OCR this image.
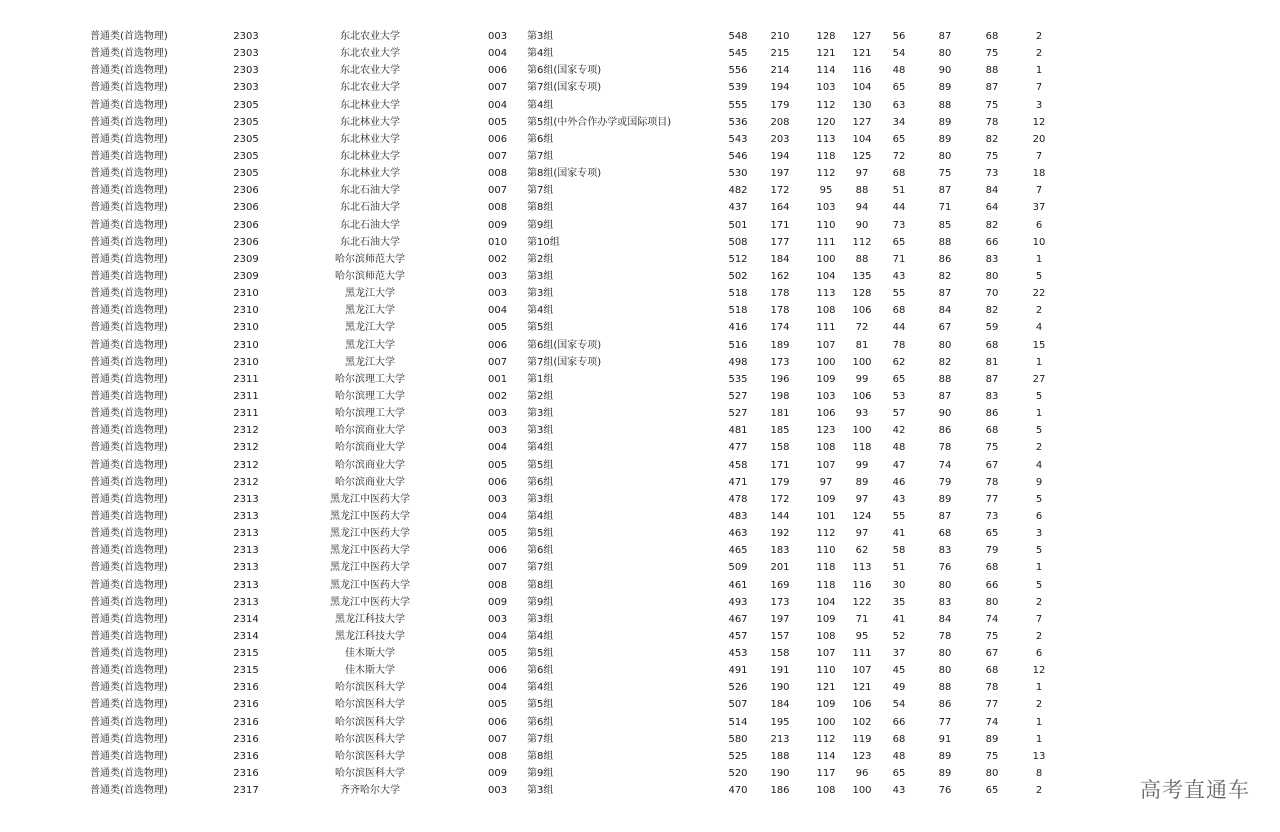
普通类(首选物理)	2303	东北农业大学	003 第3组	548	210	128	127	56	87	68	2
普通类(首选物理)	2303	东北农业大学	004 第4组	545	215	121	121	54	80	75	2
普通类(首选物理)	2303	东北农业大学	006 第6组(国家专项)	556	214	114	116	48	90	88	1
普通类(首选物理)	2303	东北农业大学	007 第7组(国家专项)	539	194	103	104	65	89	87	7
普通类(首选物理)	2305	东北林业大学	004 第4组	555	179	112	130	63	88	75	3
普通类(首选物理)	2305	东北林业大学	005 第5组(中外合作办学或国际项目)	536	208	120	127	34	89	78	12
普通类(首选物理)	2305	东北林业大学	006 第6组	543	203	113	104	65	89	82	20
普通类(首选物理)	2305	东北林业大学	007 第7组	546	194	118	125	72	80	75	7
普通类(首选物理)	2305	东北林业大学	008 第8组(国家专项)	530	197	112	97	68	75	73	18
普通类(首选物理)	2306	东北石油大学	007 第7组	482	172	95	88	51	87	84	7
普通类(首选物理)	2306	东北石油大学	008 第8组	437	164	103	94	44	71	64	37
普通类(首选物理)	2306	东北石油大学	009 第9组	501	171	110	90	73	85	82	6
普通类(首选物理)	2306	东北石油大学	010 第10组	508	177	111	112	65	88	66	10
普通类(首选物理)	2309	哈尔滨师范大学	002 第2组	512	184	100	88	71	86	83	1
普通类(首选物理)	2309	哈尔滨师范大学	003 第3组	502	162	104	135	43	82	80	5
普通类(首选物理)	2310	黑龙江大学	003 第3组	518	178	113	128	55	87	70	22
普通类(首选物理)	2310	黑龙江大学	004 第4组	518	178	108	106	68	84	82	2
普通类(首选物理)	2310	黑龙江大学	005 第5组	416	174	111	72	44	67	59	4
普通类(首选物理)	2310	黑龙江大学	006 第6组(国家专项)	516	189	107	81	78	80	68	15
普通类(首选物理)	2310	黑龙江大学	007 第7组(国家专项)	498	173	100	100	62	82	81	1
普通类(首选物理)	2311	哈尔滨理工大学	001 第1组	535	196	109	99	65	88	87	27
普通类(首选物理)	2311	哈尔滨理工大学	002 第2组	527	198	103	106	53	87	83	5
普通类(首选物理)	2311	哈尔滨理工大学	003 第3组	527	181	106	93	57	90	86	1
普通类(首选物理)	2312	哈尔滨商业大学	003 第3组	481	185	123	100	42	86	68	5
普通类(首选物理)	2312	哈尔滨商业大学	004 第4组	477	158	108	118	48	78	75	2
普通类(首选物理)	2312	哈尔滨商业大学	005 第5组	458	171	107	99	47	74	67	4
普通类(首选物理)	2312	哈尔滨商业大学	006 第6组	471	179	97	89	46	79	78	9
普通类(首选物理)	2313	黑龙江中医药大学	003 第3组	478	172	109	97	43	89	77	5
普通类(首选物理)	2313	黑龙江中医药大学	004 第4组	483	144	101	124	55	87	73	6
普通类(首选物理)	2313	黑龙江中医药大学	005 第5组	463	192	112	97	41	68	65	3
普通类(首选物理)	2313	黑龙江中医药大学	006 第6组	465	183	110	62	58	83	79	5
普通类(首选物理)	2313	黑龙江中医药大学	007 第7组	509	201	118	113	51	76	68	1
普通类(首选物理)	2313	黑龙江中医药大学	008 第8组	461	169	118	116	30	80	66	5
普通类(首选物理)	2313	黑龙江中医药大学	009 第9组	493	173	104	122	35	83	80	2
普通类(首选物理)	2314	黑龙江科技大学	003 第3组	467	197	109	71	41	84	74	7
普通类(首选物理)	2314	黑龙江科技大学	004 第4组	457	157	108	95	52	78	75	2
普通类(首选物理)	2315	佳木斯大学	005 第5组	453	158	107	111	37	80	67	6
普通类(首选物理)	2315	佳木斯大学	006 第6组	491	191	110	107	45	80	68	12
普通类(首选物理)	2316	哈尔滨医科大学	004 第4组	526	190	121	121	49	88	78	1
普通类(首选物理)	2316	哈尔滨医科大学	005 第5组	507	184	109	106	54	86	77	2
普通类(首选物理)	2316	哈尔滨医科大学	006 第6组	514	195	100	102	66	77	74	1
普通类(首选物理)	2316	哈尔滨医科大学	007 第7组	580	213	112	119	68	91	89	1
普通类(首选物理)	2316	哈尔滨医科大学	008 第8组	525	188	114	123	48	89	75	13
普通类(首选物理)	2316	哈尔滨医科大学	009 第9组	520	190	117	96	65	89	80	8
普通类(首选物理)	2317	齐齐哈尔大学	003 第3组	470	186	108	100	43	76	65	2	高考直通车
